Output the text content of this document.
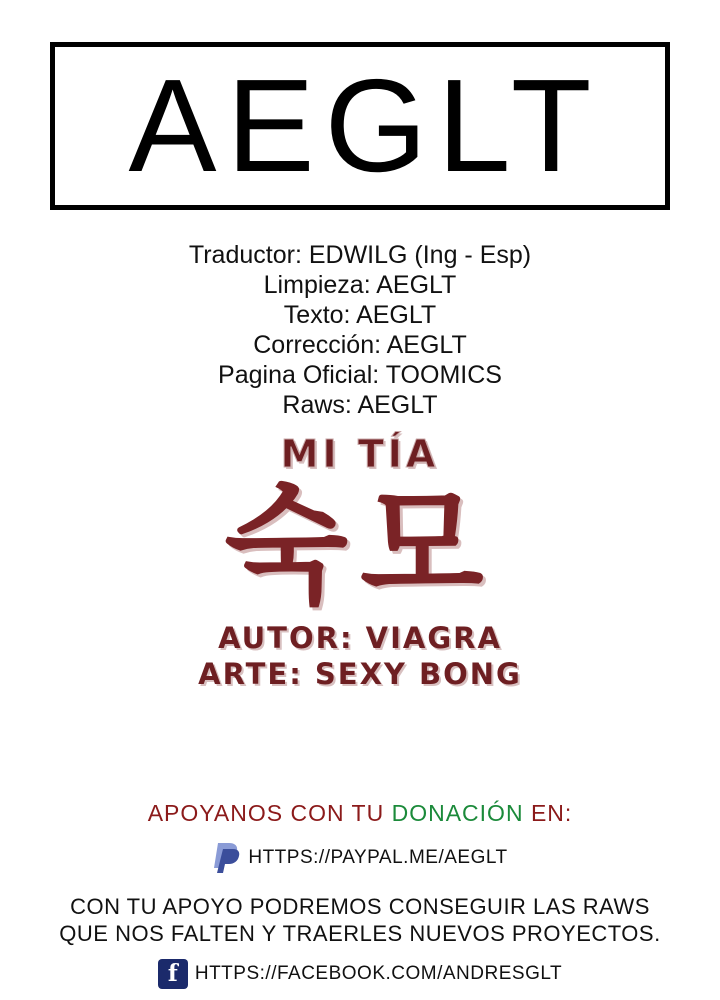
AEGLT
Traductor: EDWILG (Ing - Esp)
Limpieza: AEGLT
Texto: AEGLT
Corrección: AEGLT
Pagina Oficial: TOOMICS
Raws: AEGLT
MI TÍA
숙모
AUTOR: VIAGRA
ARTE: SEXY BONG
APOYANOS CON TU DONACIÓN EN:
HTTPS://PAYPAL.ME/AEGLT
CON TU APOYO PODREMOS CONSEGUIR LAS RAWS
QUE NOS FALTEN Y TRAERLES NUEVOS PROYECTOS.
f HTTPS://FACEBOOK.COM/ANDRESGLT
